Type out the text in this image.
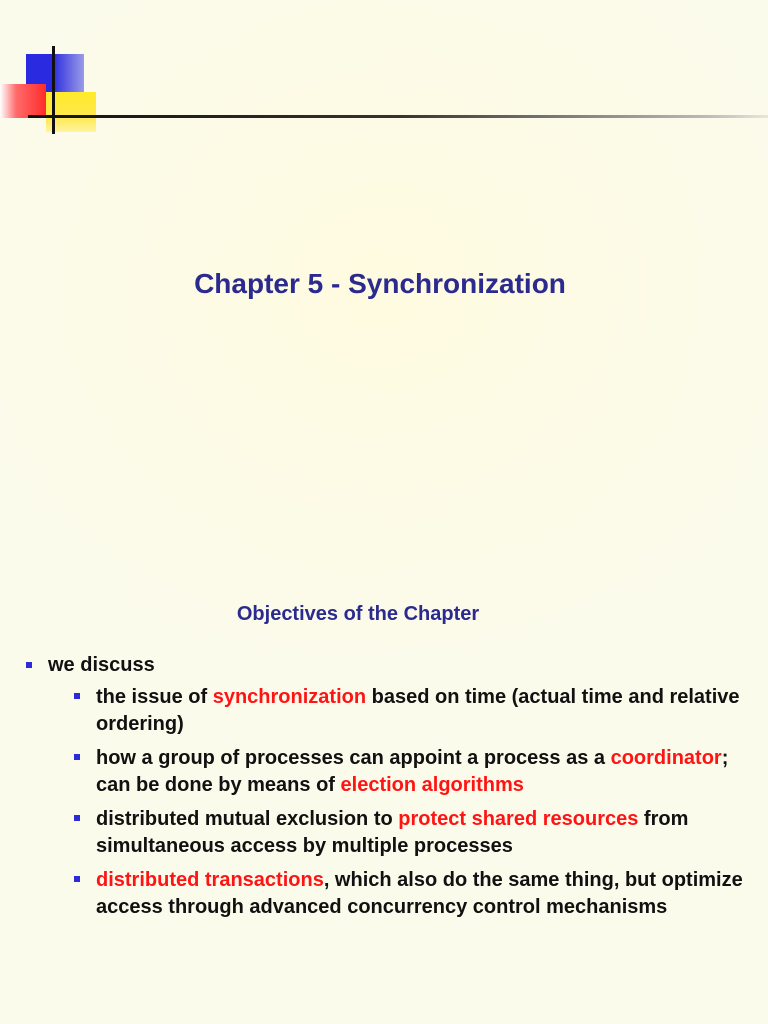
Chapter 5 - Synchronization
Objectives of the Chapter
we discuss
the issue of synchronization based on time (actual time and relative ordering)
how a group of processes can appoint a process as a coordinator; can be done by means of election algorithms
distributed mutual exclusion to protect shared resources from simultaneous access by multiple processes
distributed transactions, which also do the same thing, but optimize access through advanced concurrency control mechanisms
